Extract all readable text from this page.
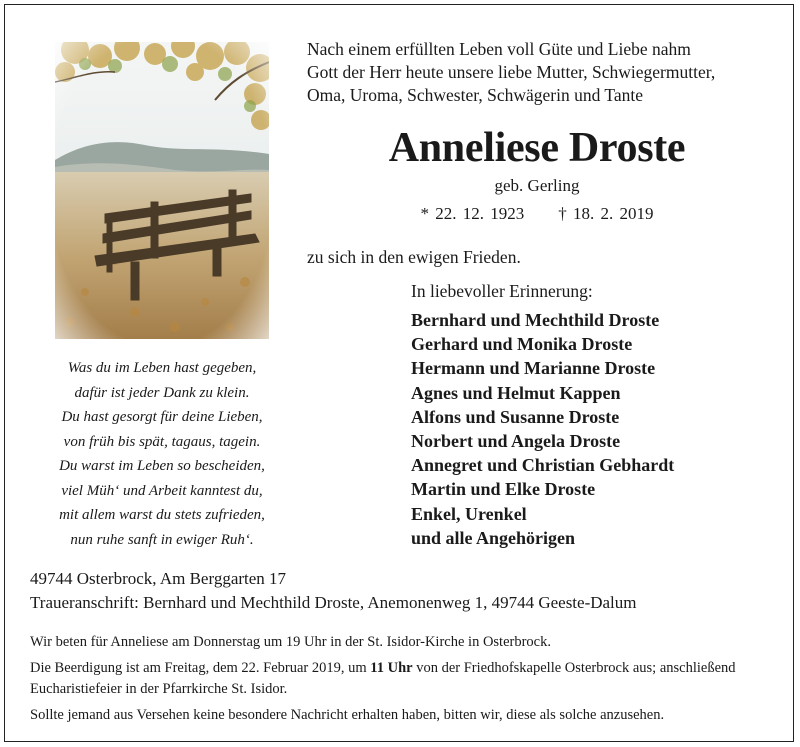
Nach einem erfüllten Leben voll Güte und Liebe nahm
Gott der Herr heute unsere liebe Mutter, Schwiegermutter,
Oma, Uroma, Schwester, Schwägerin und Tante
Anneliese Droste
geb. Gerling
* 22. 12. 1923 † 18. 2. 2019
zu sich in den ewigen Frieden.
In liebevoller Erinnerung:
Bernhard und Mechthild Droste
Gerhard und Monika Droste
Hermann und Marianne Droste
Agnes und Helmut Kappen
Alfons und Susanne Droste
Norbert und Angela Droste
Annegret und Christian Gebhardt
Martin und Elke Droste
Enkel, Urenkel
und alle Angehörigen
Was du im Leben hast gegeben,
dafür ist jeder Dank zu klein.
Du hast gesorgt für deine Lieben,
von früh bis spät, tagaus, tagein.
Du warst im Leben so bescheiden,
viel Müh‘ und Arbeit kanntest du,
mit allem warst du stets zufrieden,
nun ruhe sanft in ewiger Ruh‘.
49744 Osterbrock, Am Berggarten 17
Traueranschrift: Bernhard und Mechthild Droste, Anemonenweg 1, 49744 Geeste-Dalum

Wir beten für Anneliese am Donnerstag um 19 Uhr in der St. Isidor-Kirche in Osterbrock.

Die Beerdigung ist am Freitag, dem 22. Februar 2019, um 11 Uhr von der Friedhofskapelle Osterbrock aus; anschließend Eucharistiefeier in der Pfarrkirche St. Isidor.

Sollte jemand aus Versehen keine besondere Nachricht erhalten haben, bitten wir, diese als solche anzusehen.
